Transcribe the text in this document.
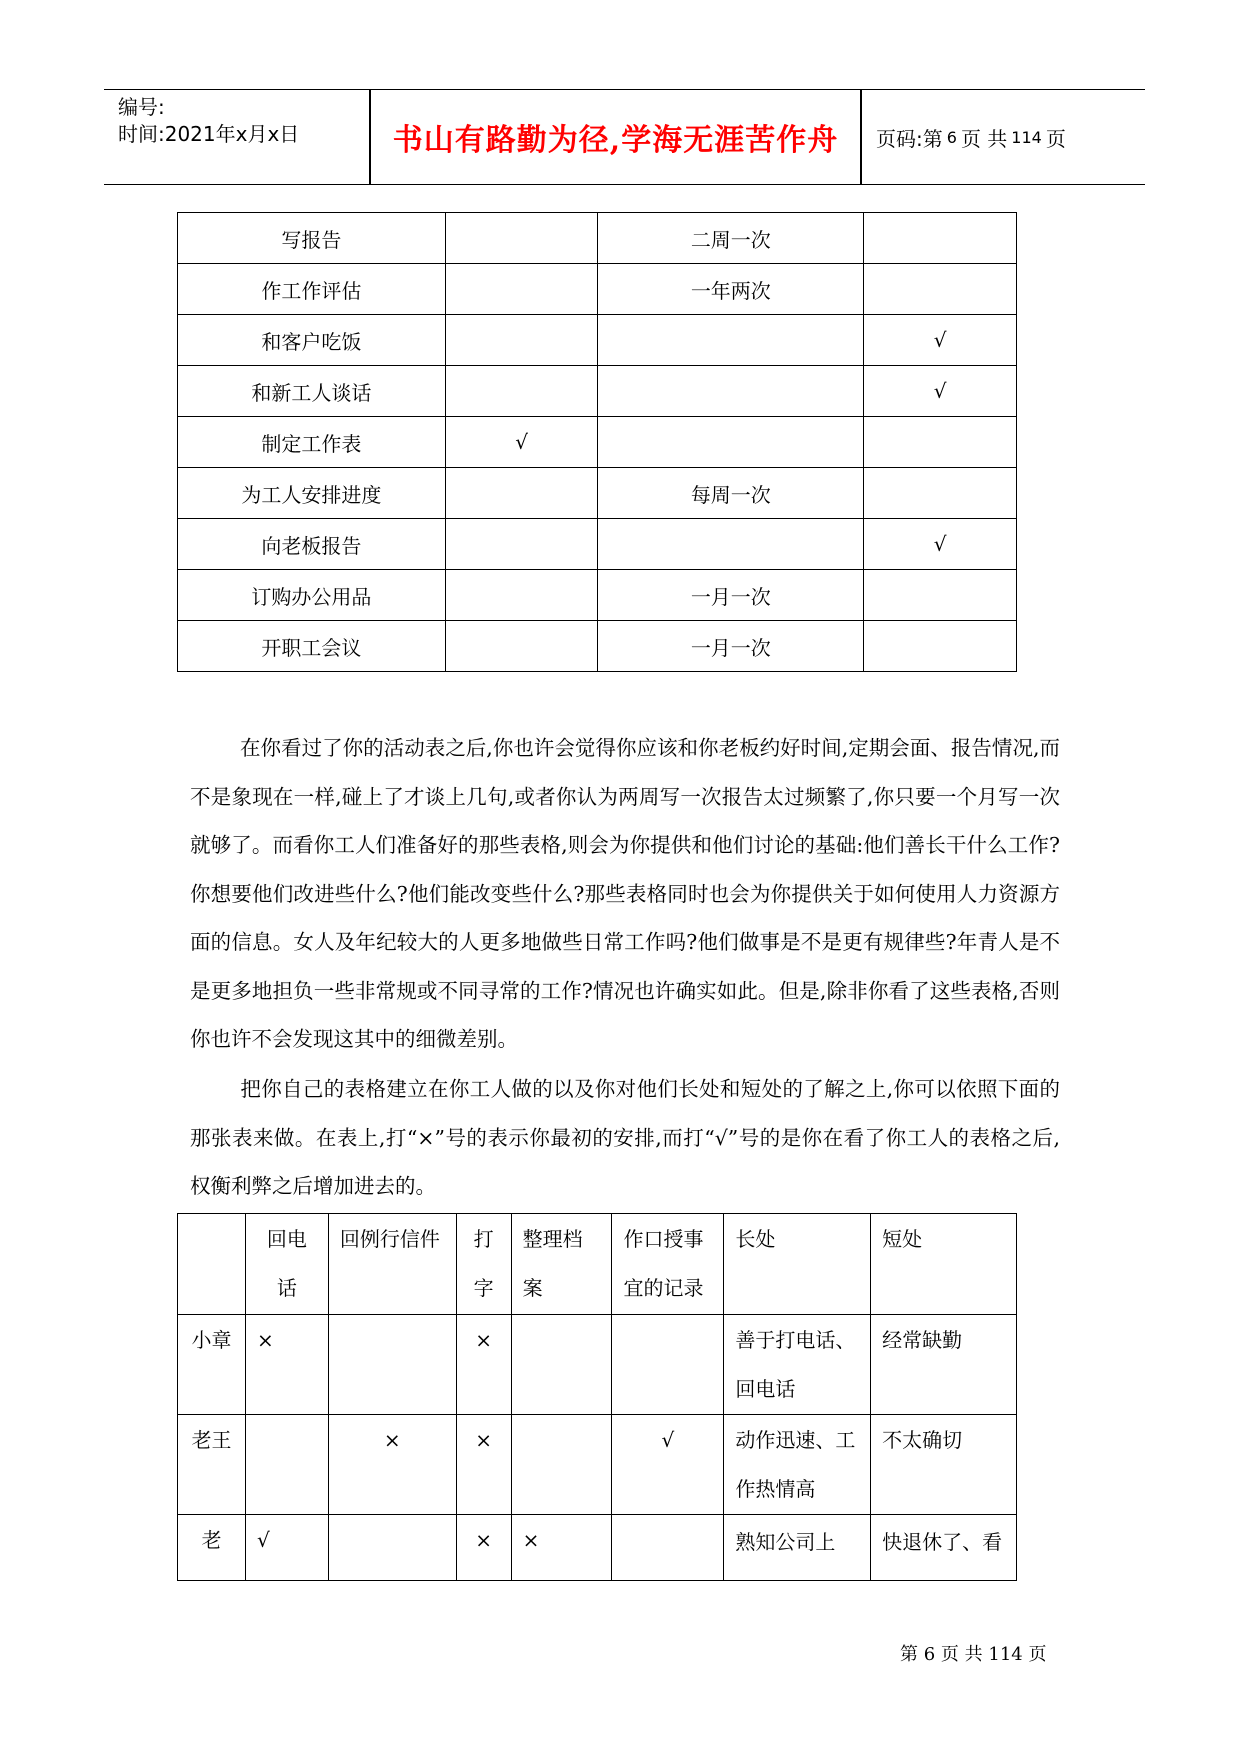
编号:
时间:2021年x月x日	书山有路勤为径,学海无涯苦作舟	页码:第 6 页 共 114 页
写报告		二周一次	
作工作评估		一年两次	
和客户吃饭			√
和新工人谈话			√
制定工作表	√		
为工人安排进度		每周一次	
向老板报告			√
订购办公用品		一月一次	
开职工会议		一月一次	
在你看过了你的活动表之后,你也许会觉得你应该和你老板约好时间,定期会面、报告情况,而不是象现在一样,碰上了才谈上几句,或者你认为两周写一次报告太过频繁了,你只要一个月写一次就够了。而看你工人们准备好的那些表格,则会为你提供和他们讨论的基础:他们善长干什么工作?你想要他们改进些什么?他们能改变些什么?那些表格同时也会为你提供关于如何使用人力资源方面的信息。女人及年纪较大的人更多地做些日常工作吗?他们做事是不是更有规律些?年青人是不是更多地担负一些非常规或不同寻常的工作?情况也许确实如此。但是,除非你看了这些表格,否则你也许不会发现这其中的细微差别。
把你自己的表格建立在你工人做的以及你对他们长处和短处的了解之上,你可以依照下面的那张表来做。在表上,打“×”号的表示你最初的安排,而打“√”号的是你在看了你工人的表格之后,权衡利弊之后增加进去的。
	回电话	回例行信件	打字	整理档案	作口授事宜的记录	长处	短处
小章	×		×			善于打电话、回电话	经常缺勤
老王		×	×		√	动作迅速、工作热情高	不太确切
老	√		×	×		熟知公司上	快退休了、看
第 6 页 共 114 页
